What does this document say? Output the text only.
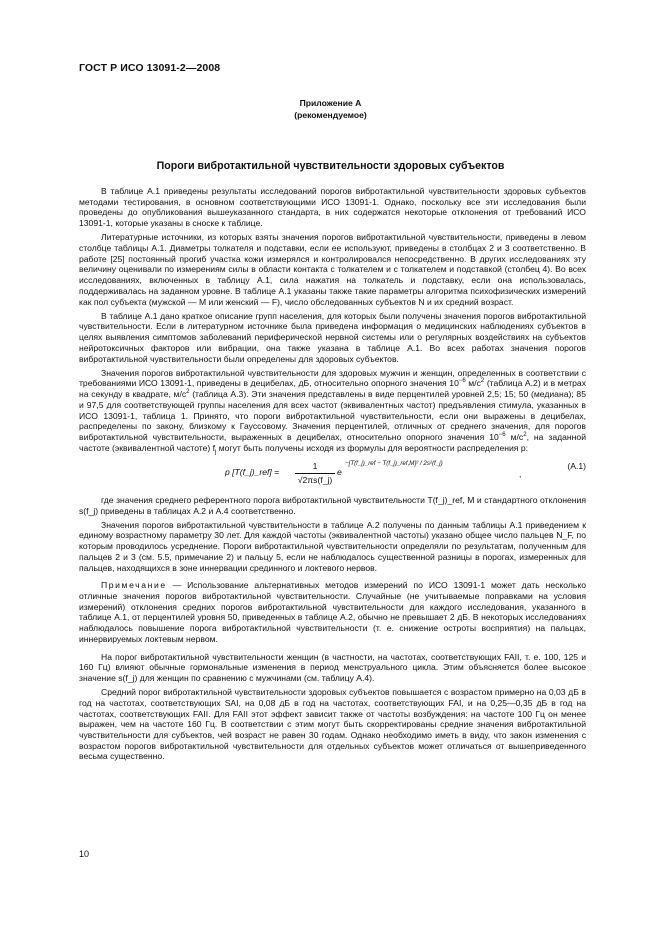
ГОСТ Р ИСО 13091-2—2008
Приложение А
(рекомендуемое)
Пороги вибротактильной чувствительности здоровых субъектов

В таблице А.1 приведены результаты исследований порогов вибротактильной чувствительности здоровых субъектов методами тестирования, в основном соответствующими ИСО 13091-1. Однако, поскольку все эти исследования были проведены до опубликования вышеуказанного стандарта, в них содержатся некоторые отклонения от требований ИСО 13091-1, которые указаны в сноске к таблице.

Литературные источники, из которых взяты значения порогов вибротактильной чувствительности, приведены в левом столбце таблицы А.1. Диаметры толкателя и подставки, если ее используют, приведены в столбцах 2 и 3 соответственно. В работе [25] постоянный прогиб участка кожи измерялся и контролировался непосредственно. В других исследованиях эту величину оценивали по измерениям силы в области контакта с толкателем и с толкателем и подставкой (столбец 4). Во всех исследованиях, включенных в таблицу А.1, сила нажатия на толкатель и подставку, если она использовалась, поддерживалась на заданном уровне. В таблице А.1 указаны также такие параметры алгоритма психофизических измерений как пол субъекта (мужской — M или женский — F), число обследованных субъектов N и их средний возраст.

В таблице А.1 дано краткое описание групп населения, для которых были получены значения порогов вибротактильной чувствительности. Если в литературном источнике была приведена информация о медицинских наблюдениях субъектов в целях выявления симптомов заболеваний периферической нервной системы или о регулярных воздействиях на субъектов нейротоксичных факторов или вибрации, она также указана в таблице А.1. Во всех работах значения порогов вибротактильной чувствительности были определены для здоровых субъектов.

Значения порогов вибротактильной чувствительности для здоровых мужчин и женщин, определенных в соответствии с требованиями ИСО 13091-1, приведены в децибелах, дБ, относительно опорного значения $10^{-6}$ $м/с^2$ (таблица А.2) и в метрах на секунду в квадрате, $м/с^2$ (таблица А.3). Эти значения представлены в виде перцентилей уровней 2,5; 15; 50 (медиана); 85 и 97,5 для соответствующей группы населения для всех частот (эквивалентных частот) предъявления стимула, указанных в ИСО 13091-1, таблица 1. Принято, что пороги вибротактильной чувствительности, если они выражены в децибелах, распределены по закону, близкому к Гауссовому. Значения перцентилей, отличных от среднего значения, для порогов вибротактильной чувствительности, выраженных в децибелах, относительно опорного значения $10^{-6}$ $м/с^2$, на заданной частоте (эквивалентной частоте) $f_j$ могут быть получены исходя из формулы для вероятности распределения p:

p [T(f_j)_ref] = $\frac{1}{√2\pi s(f\_j)}$ e
−[T(f_j)_ref − T(f_j)_ref,M]² / 2s²(f_j)
,
(А.1)

где значения среднего референтного порога вибротактильной чувствительности T(f_j)_ref, M и стандартного отклонения s(f_j) приведены в таблицах А.2 и А.4 соответственно.

Значения порогов вибротактильной чувствительности в таблице А.2 получены по данным таблицы А.1 приведением к единому возрастному параметру 30 лет. Для каждой частоты (эквивалентной частоты) указано общее число пальцев N_F, по которым проводилось усреднение. Пороги вибротактильной чувствительности определяли по результатам, полученным для пальцев 2 и 3 (см. 5.5, примечание 2) и пальцу 5, если не наблюдалось существенной разницы в порогах, измеренных для пальцев, находящихся в зоне иннервации срединного и локтевого нервов.

Примечание — Использование альтернативных методов измерений по ИСО 13091-1 может дать несколько отличные значения порогов вибротактильной чувствительности. Случайные (не учитываемые поправками на условия измерений) отклонения средних порогов вибротактильной чувствительности для каждого исследования, указанного в таблице А.1, от перцентилей уровня 50, приведенных в таблице А.2, обычно не превышает 2 дБ. В некоторых исследованиях наблюдалось повышение порога вибротактильной чувствительности (т. е. снижение остроты восприятия) на пальцах, иннервируемых локтевым нервом.

На порог вибротактильной чувствительности женщин (в частности, на частотах, соответствующих FAII, т. е. 100, 125 и 160 Гц) влияют обычные гормональные изменения в период менструального цикла. Этим объясняется более высокое значение s(f_j) для женщин по сравнению с мужчинами (см. таблицу А.4).

Средний порог вибротактильной чувствительности здоровых субъектов повышается с возрастом примерно на 0,03 дБ в год на частотах, соответствующих SAI, на 0,08 дБ в год на частотах, соответствующих FAI, и на 0,25—0,35 дБ в год на частотах, соответствующих FAII. Для FAII этот эффект зависит также от частоты возбуждения: на частоте 100 Гц он менее выражен, чем на частоте 160 Гц. В соответствии с этим могут быть скорректированы средние значения вибротактильной чувствительности для субъектов, чей возраст не равен 30 годам. Однако необходимо иметь в виду, что закон изменения с возрастом порогов вибротактильной чувствительности для отдельных субъектов может отличаться от вышеприведенного весьма существенно.

10
